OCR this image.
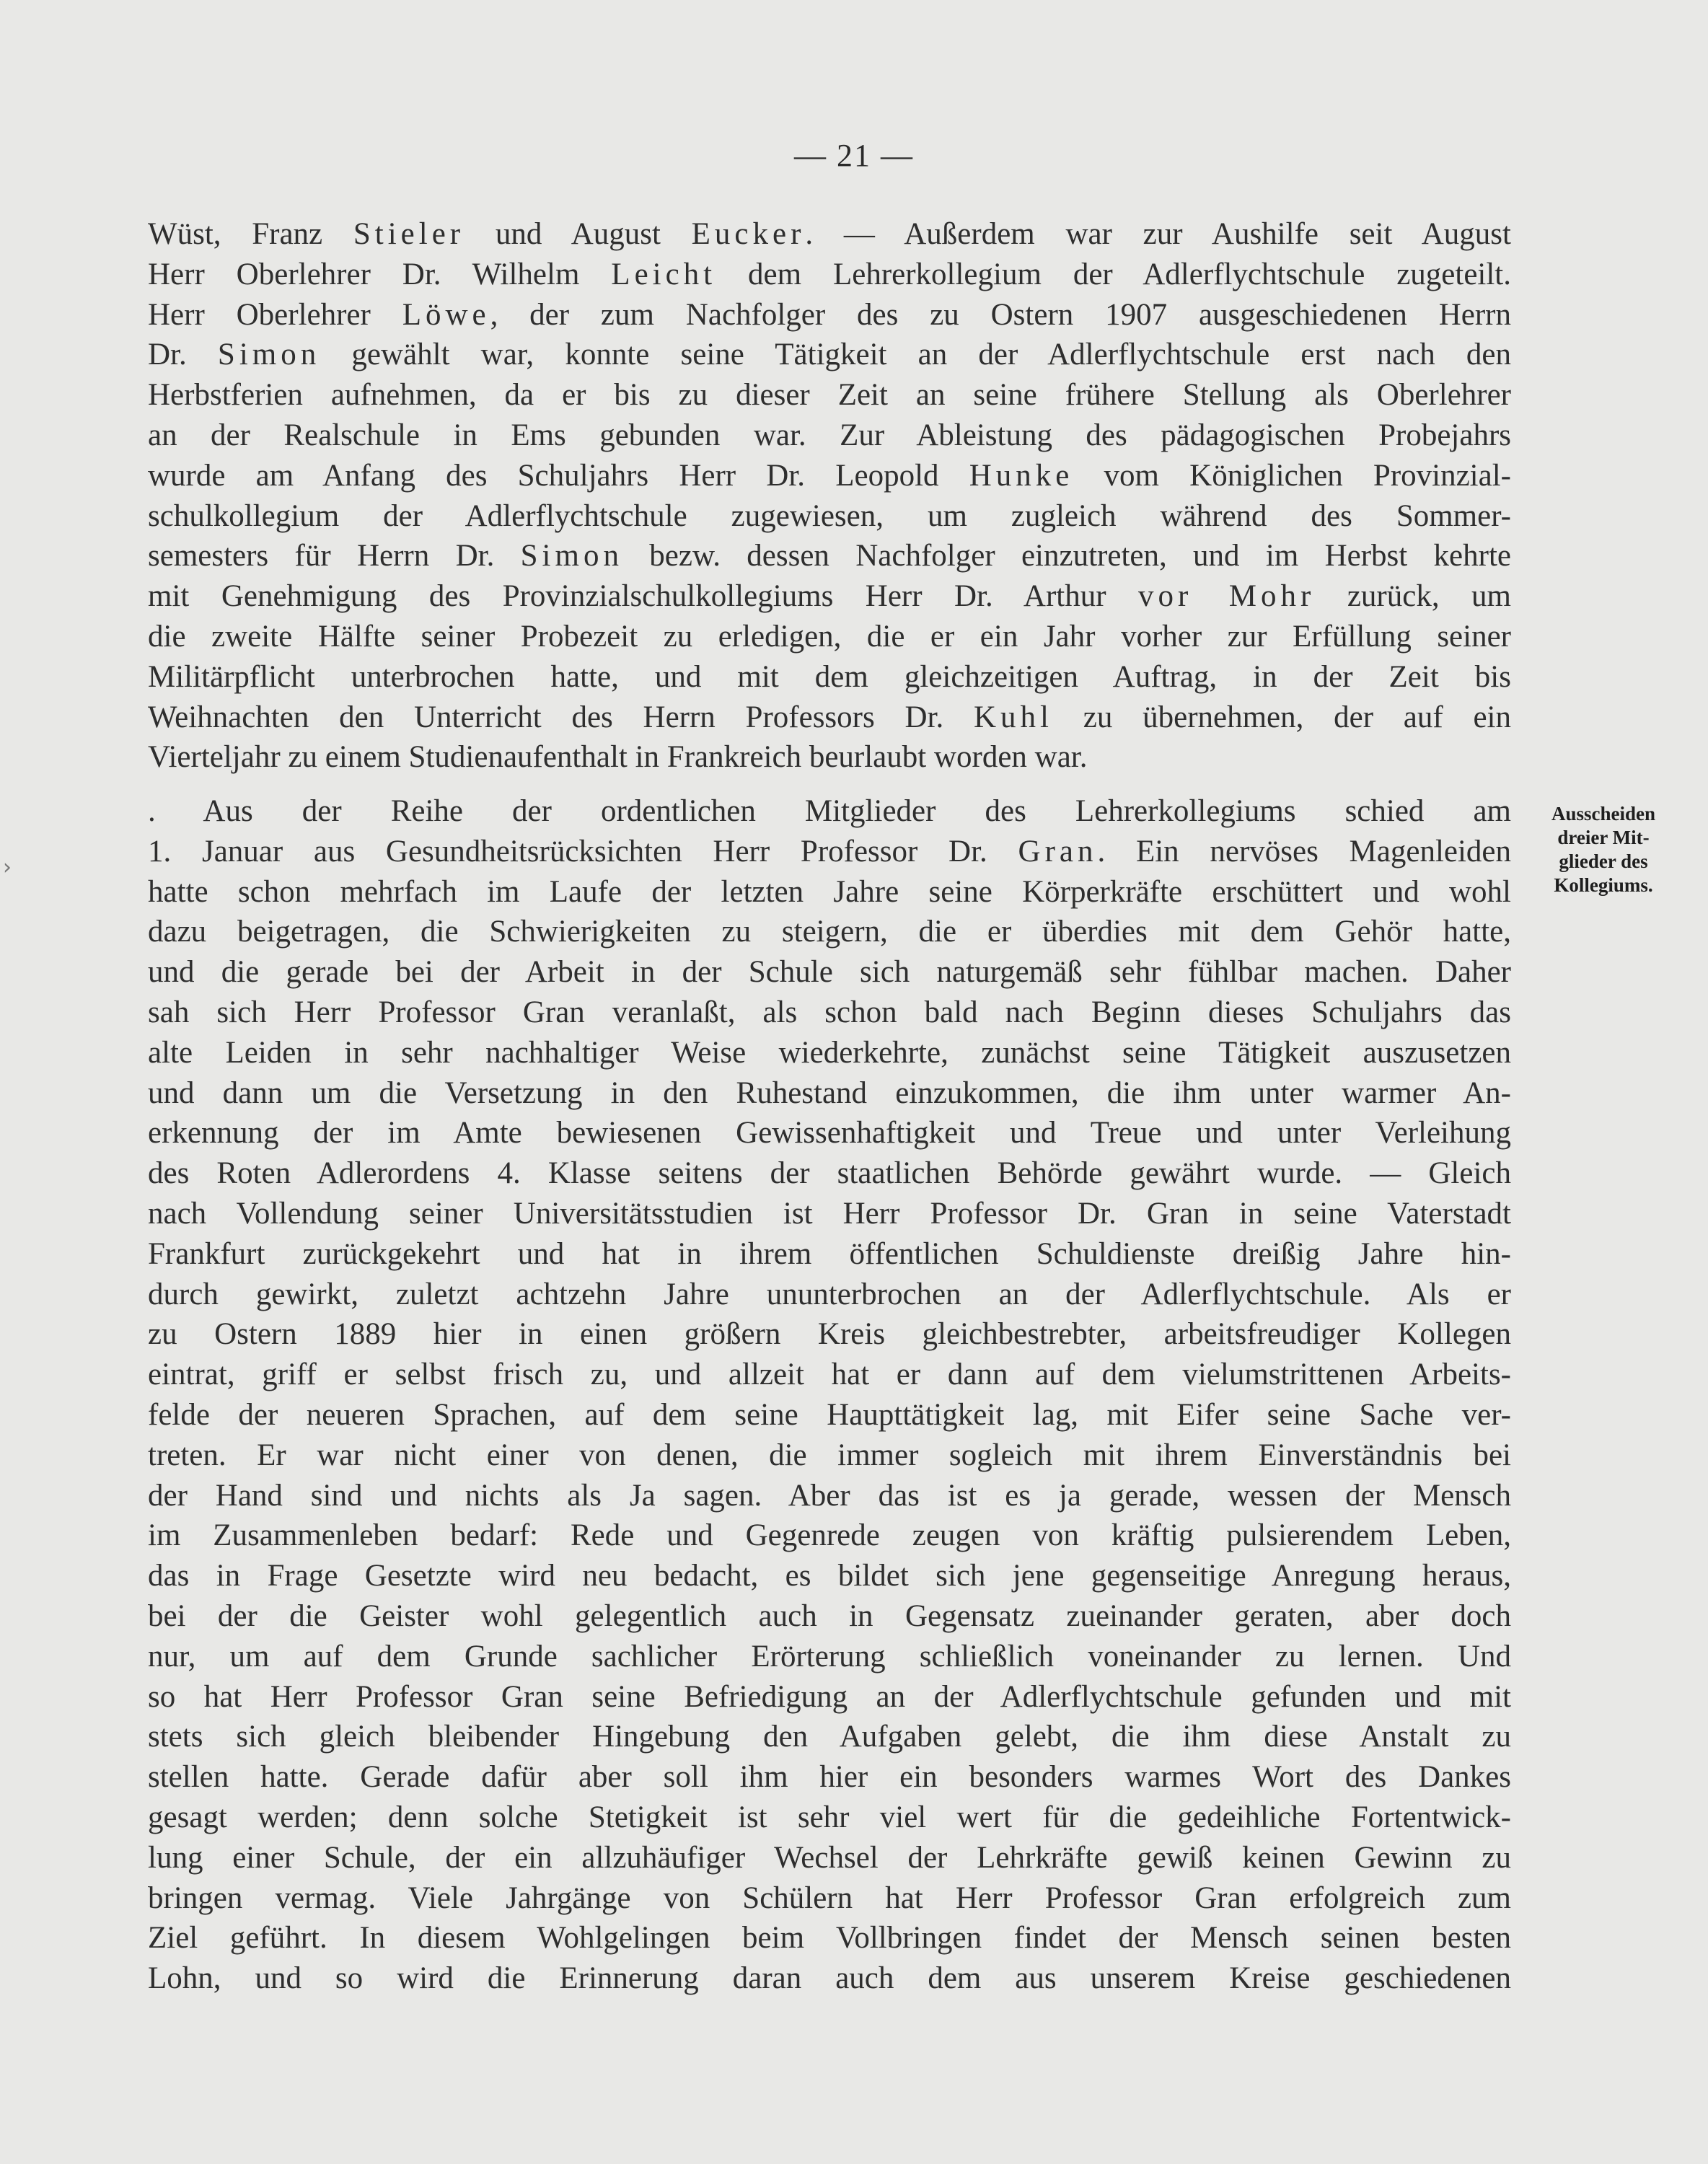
— 21 —
›
Wüst, Franz Stieler und August Eucker. — Außerdem war zur Aushilfe seit August
Herr Oberlehrer Dr. Wilhelm Leicht dem Lehrerkollegium der Adlerflychtschule zugeteilt.
Herr Oberlehrer Löwe, der zum Nachfolger des zu Ostern 1907 ausgeschiedenen Herrn
Dr. Simon gewählt war, konnte seine Tätigkeit an der Adlerflychtschule erst nach den
Herbstferien aufnehmen, da er bis zu dieser Zeit an seine frühere Stellung als Oberlehrer
an der Realschule in Ems gebunden war. Zur Ableistung des pädagogischen Probejahrs
wurde am Anfang des Schuljahrs Herr Dr. Leopold Hunke vom Königlichen Provinzial-
schulkollegium der Adlerflychtschule zugewiesen, um zugleich während des Sommer-
semesters für Herrn Dr. Simon bezw. dessen Nachfolger einzutreten, und im Herbst kehrte
mit Genehmigung des Provinzialschulkollegiums Herr Dr. Arthur vor Mohr zurück, um
die zweite Hälfte seiner Probezeit zu erledigen, die er ein Jahr vorher zur Erfüllung seiner
Militärpflicht unterbrochen hatte, und mit dem gleichzeitigen Auftrag, in der Zeit bis
Weihnachten den Unterricht des Herrn Professors Dr. Kuhl zu übernehmen, der auf ein
Vierteljahr zu einem Studienaufenthalt in Frankreich beurlaubt worden war.
. Aus der Reihe der ordentlichen Mitglieder des Lehrerkollegiums schied am
1. Januar aus Gesundheitsrücksichten Herr Professor Dr. Gran. Ein nervöses Magenleiden
hatte schon mehrfach im Laufe der letzten Jahre seine Körperkräfte erschüttert und wohl
dazu beigetragen, die Schwierigkeiten zu steigern, die er überdies mit dem Gehör hatte,
und die gerade bei der Arbeit in der Schule sich naturgemäß sehr fühlbar machen. Daher
sah sich Herr Professor Gran veranlaßt, als schon bald nach Beginn dieses Schuljahrs das
alte Leiden in sehr nachhaltiger Weise wiederkehrte, zunächst seine Tätigkeit auszusetzen
und dann um die Versetzung in den Ruhestand einzukommen, die ihm unter warmer An-
erkennung der im Amte bewiesenen Gewissenhaftigkeit und Treue und unter Verleihung
des Roten Adlerordens 4. Klasse seitens der staatlichen Behörde gewährt wurde. — Gleich
nach Vollendung seiner Universitätsstudien ist Herr Professor Dr. Gran in seine Vaterstadt
Frankfurt zurückgekehrt und hat in ihrem öffentlichen Schuldienste dreißig Jahre hin-
durch gewirkt, zuletzt achtzehn Jahre ununterbrochen an der Adlerflychtschule. Als er
zu Ostern 1889 hier in einen größern Kreis gleichbestrebter, arbeitsfreudiger Kollegen
eintrat, griff er selbst frisch zu, und allzeit hat er dann auf dem vielumstrittenen Arbeits-
felde der neueren Sprachen, auf dem seine Haupttätigkeit lag, mit Eifer seine Sache ver-
treten. Er war nicht einer von denen, die immer sogleich mit ihrem Einverständnis bei
der Hand sind und nichts als Ja sagen. Aber das ist es ja gerade, wessen der Mensch
im Zusammenleben bedarf: Rede und Gegenrede zeugen von kräftig pulsierendem Leben,
das in Frage Gesetzte wird neu bedacht, es bildet sich jene gegenseitige Anregung heraus,
bei der die Geister wohl gelegentlich auch in Gegensatz zueinander geraten, aber doch
nur, um auf dem Grunde sachlicher Erörterung schließlich voneinander zu lernen. Und
so hat Herr Professor Gran seine Befriedigung an der Adlerflychtschule gefunden und mit
stets sich gleich bleibender Hingebung den Aufgaben gelebt, die ihm diese Anstalt zu
stellen hatte. Gerade dafür aber soll ihm hier ein besonders warmes Wort des Dankes
gesagt werden; denn solche Stetigkeit ist sehr viel wert für die gedeihliche Fortentwick-
lung einer Schule, der ein allzuhäufiger Wechsel der Lehrkräfte gewiß keinen Gewinn zu
bringen vermag. Viele Jahrgänge von Schülern hat Herr Professor Gran erfolgreich zum
Ziel geführt. In diesem Wohlgelingen beim Vollbringen findet der Mensch seinen besten
Lohn, und so wird die Erinnerung daran auch dem aus unserem Kreise geschiedenen
Ausscheiden
dreier Mit-
glieder des
Kollegiums.
